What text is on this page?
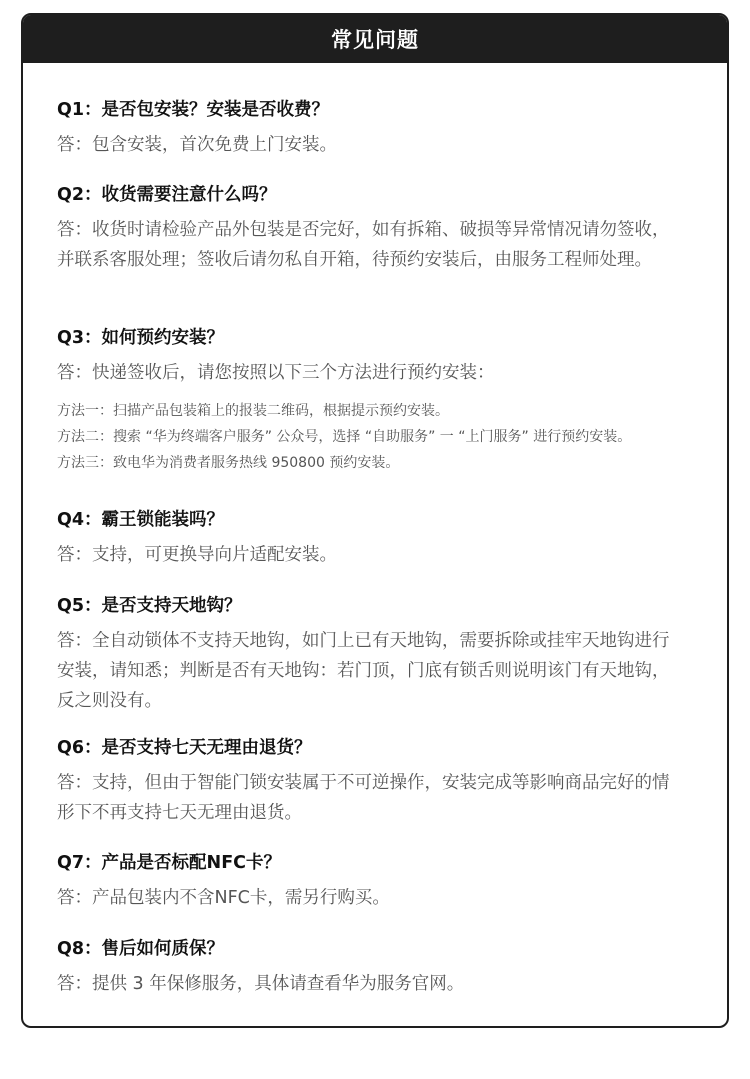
常见问题
Q1：是否包安装？安装是否收费？
答：包含安装，首次免费上门安装。
Q2：收货需要注意什么吗？
答：收货时请检验产品外包装是否完好，如有拆箱、破损等异常情况请勿签收，并联系客服处理；签收后请勿私自开箱，待预约安装后，由服务工程师处理。
Q3：如何预约安装？
答：快递签收后，请您按照以下三个方法进行预约安装：
方法一：扫描产品包装箱上的报装二维码，根据提示预约安装。
方法二：搜索 “华为终端客户服务” 公众号，选择 “自助服务” 一 “上门服务” 进行预约安装。
方法三：致电华为消费者服务热线 950800 预约安装。
Q4：霸王锁能装吗？
答：支持，可更换导向片适配安装。
Q5：是否支持天地钩？
答：全自动锁体不支持天地钩，如门上已有天地钩，需要拆除或挂牢天地钩进行安装，请知悉；判断是否有天地钩：若门顶，门底有锁舌则说明该门有天地钩，反之则没有。
Q6：是否支持七天无理由退货？
答：支持，但由于智能门锁安装属于不可逆操作，安装完成等影响商品完好的情形下不再支持七天无理由退货。
Q7：产品是否标配NFC卡？
答：产品包装内不含NFC卡，需另行购买。
Q8：售后如何质保？
答：提供 3 年保修服务，具体请查看华为服务官网。
